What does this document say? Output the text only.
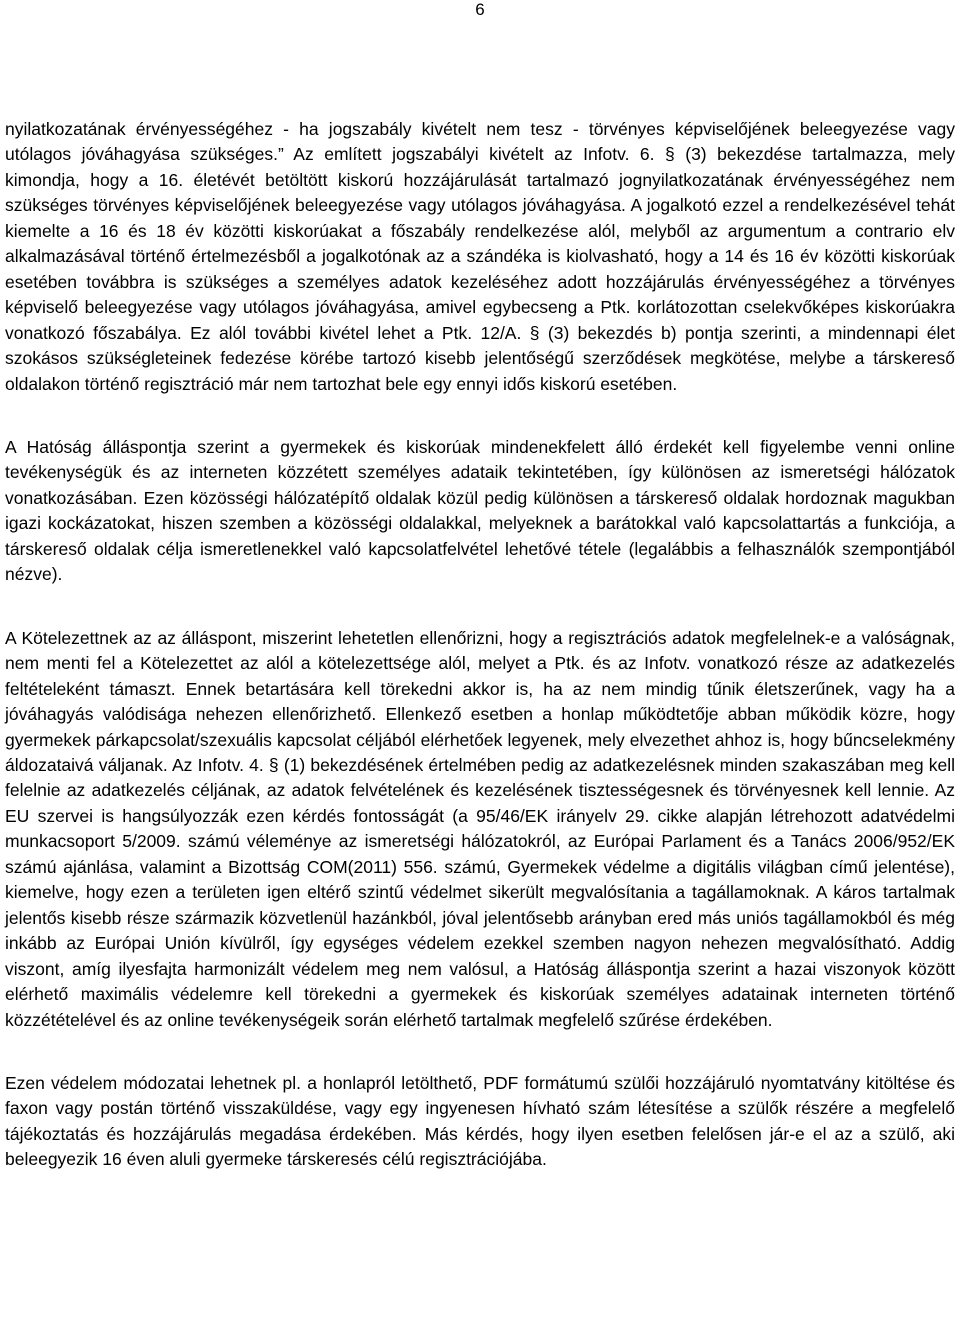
6

nyilatkozatának érvényességéhez - ha jogszabály kivételt nem tesz - törvényes képviselőjének beleegyezése vagy utólagos jóváhagyása szükséges.” Az említett jogszabályi kivételt az Infotv. 6. § (3) bekezdése tartalmazza, mely kimondja, hogy a 16. életévét betöltött kiskorú hozzájárulását tartalmazó jognyilatkozatának érvényességéhez nem szükséges törvényes képviselőjének beleegyezése vagy utólagos jóváhagyása. A jogalkotó ezzel a rendelkezésével tehát kiemelte a 16 és 18 év közötti kiskorúakat a főszabály rendelkezése alól, melyből az argumentum a contrario elv alkalmazásával történő értelmezésből a jogalkotónak az a szándéka is kiolvasható, hogy a 14 és 16 év közötti kiskorúak esetében továbbra is szükséges a személyes adatok kezeléséhez adott hozzájárulás érvényességéhez a törvényes képviselő beleegyezése vagy utólagos jóváhagyása, amivel egybecseng a Ptk. korlátozottan cselekvőképes kiskorúakra vonatkozó főszabálya. Ez alól további kivétel lehet a Ptk. 12/A. § (3) bekezdés b) pontja szerinti, a mindennapi élet szokásos szükségleteinek fedezése körébe tartozó kisebb jelentőségű szerződések megkötése, melybe a társkereső oldalakon történő regisztráció már nem tartozhat bele egy ennyi idős kiskorú esetében.

A Hatóság álláspontja szerint a gyermekek és kiskorúak mindenekfelett álló érdekét kell figyelembe venni online tevékenységük és az interneten közzétett személyes adataik tekintetében, így különösen az ismeretségi hálózatok vonatkozásában. Ezen közösségi hálózatépítő oldalak közül pedig különösen a társkereső oldalak hordoznak magukban igazi kockázatokat, hiszen szemben a közösségi oldalakkal, melyeknek a barátokkal való kapcsolattartás a funkciója, a társkereső oldalak célja ismeretlenekkel való kapcsolatfelvétel lehetővé tétele (legalábbis a felhasználók szempontjából nézve).

A Kötelezettnek az az álláspont, miszerint lehetetlen ellenőrizni, hogy a regisztrációs adatok megfelelnek-e a valóságnak, nem menti fel a Kötelezettet az alól a kötelezettsége alól, melyet a Ptk. és az Infotv. vonatkozó része az adatkezelés feltételeként támaszt. Ennek betartására kell törekedni akkor is, ha az nem mindig tűnik életszerűnek, vagy ha a jóváhagyás valódisága nehezen ellenőrizhető. Ellenkező esetben a honlap működtetője abban működik közre, hogy gyermekek párkapcsolat/szexuális kapcsolat céljából elérhetőek legyenek, mely elvezethet ahhoz is, hogy bűncselekmény áldozataivá váljanak. Az Infotv. 4. § (1) bekezdésének értelmében pedig az adatkezelésnek minden szakaszában meg kell felelnie az adatkezelés céljának, az adatok felvételének és kezelésének tisztességesnek és törvényesnek kell lennie. Az EU szervei is hangsúlyozzák ezen kérdés fontosságát (a 95/46/EK irányelv 29. cikke alapján létrehozott adatvédelmi munkacsoport 5/2009. számú véleménye az ismeretségi hálózatokról, az Európai Parlament és a Tanács 2006/952/EK számú ajánlása, valamint a Bizottság COM(2011) 556. számú, Gyermekek védelme a digitális világban című jelentése), kiemelve, hogy ezen a területen igen eltérő szintű védelmet sikerült megvalósítania a tagállamoknak. A káros tartalmak jelentős kisebb része származik közvetlenül hazánkból, jóval jelentősebb arányban ered más uniós tagállamokból és még inkább az Európai Unión kívülről, így egységes védelem ezekkel szemben nagyon nehezen megvalósítható. Addig viszont, amíg ilyesfajta harmonizált védelem meg nem valósul, a Hatóság álláspontja szerint a hazai viszonyok között elérhető maximális védelemre kell törekedni a gyermekek és kiskorúak személyes adatainak interneten történő közzétételével és az online tevékenységeik során elérhető tartalmak megfelelő szűrése érdekében.

Ezen védelem módozatai lehetnek pl. a honlapról letölthető, PDF formátumú szülői hozzájáruló nyomtatvány kitöltése és faxon vagy postán történő visszaküldése, vagy egy ingyenesen hívható szám létesítése a szülők részére a megfelelő tájékoztatás és hozzájárulás megadása érdekében. Más kérdés, hogy ilyen esetben felelősen jár-e el az a szülő, aki beleegyezik 16 éven aluli gyermeke társkeresés célú regisztrációjába.
